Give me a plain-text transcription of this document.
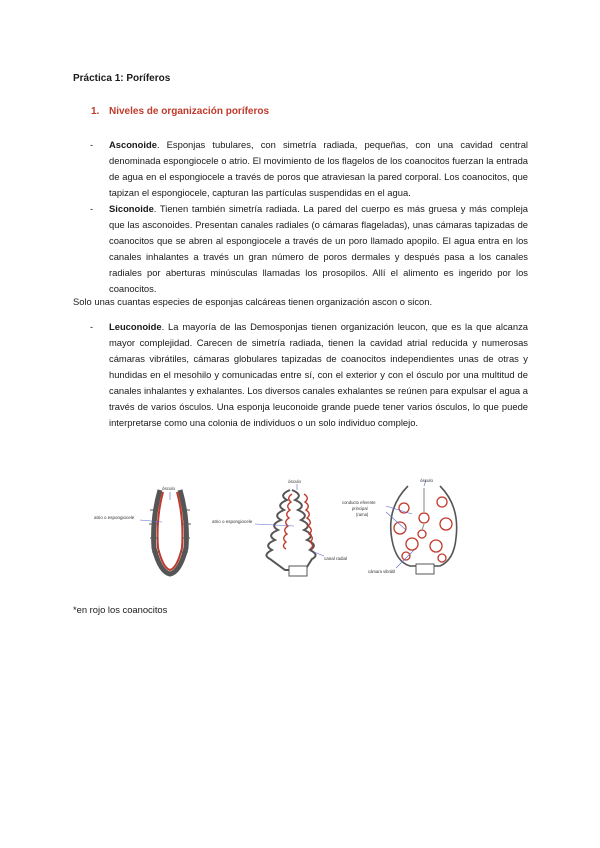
Práctica 1: Poríferos
1. Niveles de organización poríferos
- Asconoide. Esponjas tubulares, con simetría radiada, pequeñas, con una cavidad central denominada espongiocele o atrio. El movimiento de los flagelos de los coanocitos fuerzan la entrada de agua en el espongiocele a través de poros que atraviesan la pared corporal. Los coanocitos, que tapizan el espongiocele, capturan las partículas suspendidas en el agua.
- Siconoide. Tienen también simetría radiada. La pared del cuerpo es más gruesa y más compleja que las asconoides. Presentan canales radiales (o cámaras flageladas), unas cámaras tapizadas de coanocitos que se abren al espongiocele a través de un poro llamado apopilo. El agua entra en los canales inhalantes a través un gran número de poros dermales y después pasa a los canales radiales por aberturas minúsculas llamadas los prosopilos. Allí el alimento es ingerido por los coanocitos.
Solo unas cuantas especies de esponjas calcáreas tienen organización ascon o sicon.
- Leuconoide. La mayoría de las Demosponjas tienen organización leucon, que es la que alcanza mayor complejidad. Carecen de simetría radiada, tienen la cavidad atrial reducida y numerosas cámaras vibrátiles, cámaras globulares tapizadas de coanocitos independientes unas de otras y hundidas en el mesohilo y comunicadas entre sí, con el exterior y con el ósculo por una multitud de canales inhalantes y exhalantes. Los diversos canales exhalantes se reúnen para expulsar el agua a través de varios ósculos. Una esponja leuconoide grande puede tener varios ósculos, lo que puede interpretarse como una colonia de individuos o un solo individuo complejo.
ósculo
atrio o espongiocele
ósculo
atrio o espongiocele
canal radial
ósculo
conducto eferente
principal
(rama)
cámara vibrátil
*en rojo los coanocitos
